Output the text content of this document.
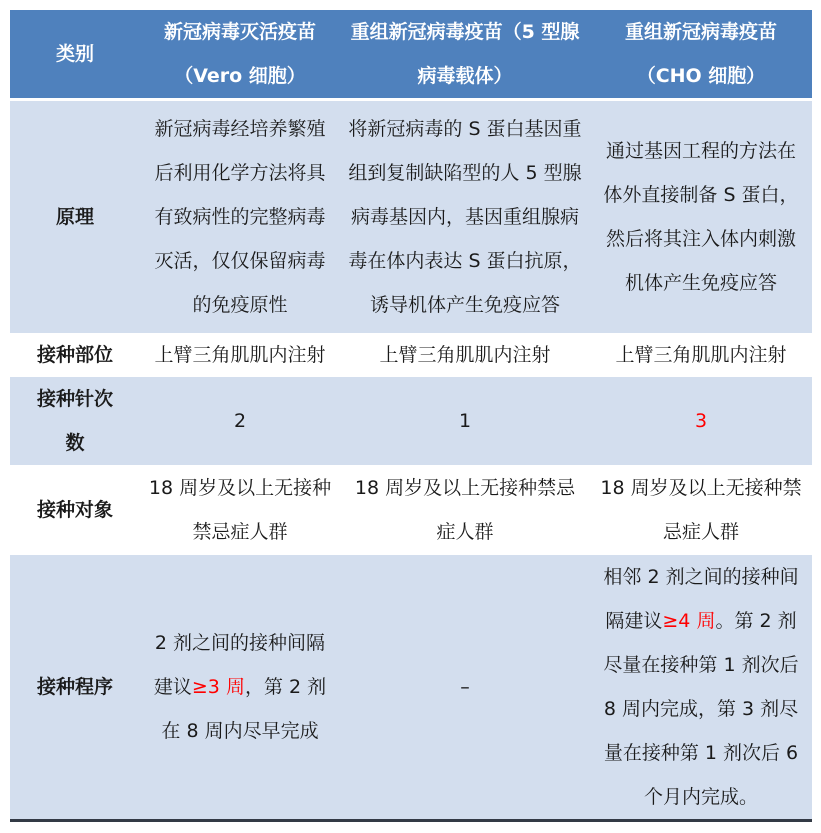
类别	新冠病毒灭活疫苗（Vero 细胞）	重组新冠病毒疫苗（5 型腺病毒载体）	重组新冠病毒疫苗（CHO 细胞）
原理	新冠病毒经培养繁殖后利用化学方法将具有致病性的完整病毒灭活，仅仅保留病毒的免疫原性	将新冠病毒的 S 蛋白基因重组到复制缺陷型的人 5 型腺病毒基因内，基因重组腺病毒在体内表达 S 蛋白抗原，诱导机体产生免疫应答	通过基因工程的方法在体外直接制备 S 蛋白，然后将其注入体内刺激机体产生免疫应答
接种部位	上臂三角肌肌内注射	上臂三角肌肌内注射	上臂三角肌肌内注射
接种针次数	2	1	3
接种对象	18 周岁及以上无接种禁忌症人群	18 周岁及以上无接种禁忌症人群	18 周岁及以上无接种禁忌症人群
接种程序	2 剂之间的接种间隔建议≥3 周，第 2 剂在 8 周内尽早完成	–	相邻 2 剂之间的接种间隔建议≥4 周。第 2 剂尽量在接种第 1 剂次后 8 周内完成，第 3 剂尽量在接种第 1 剂次后 6 个月内完成。
